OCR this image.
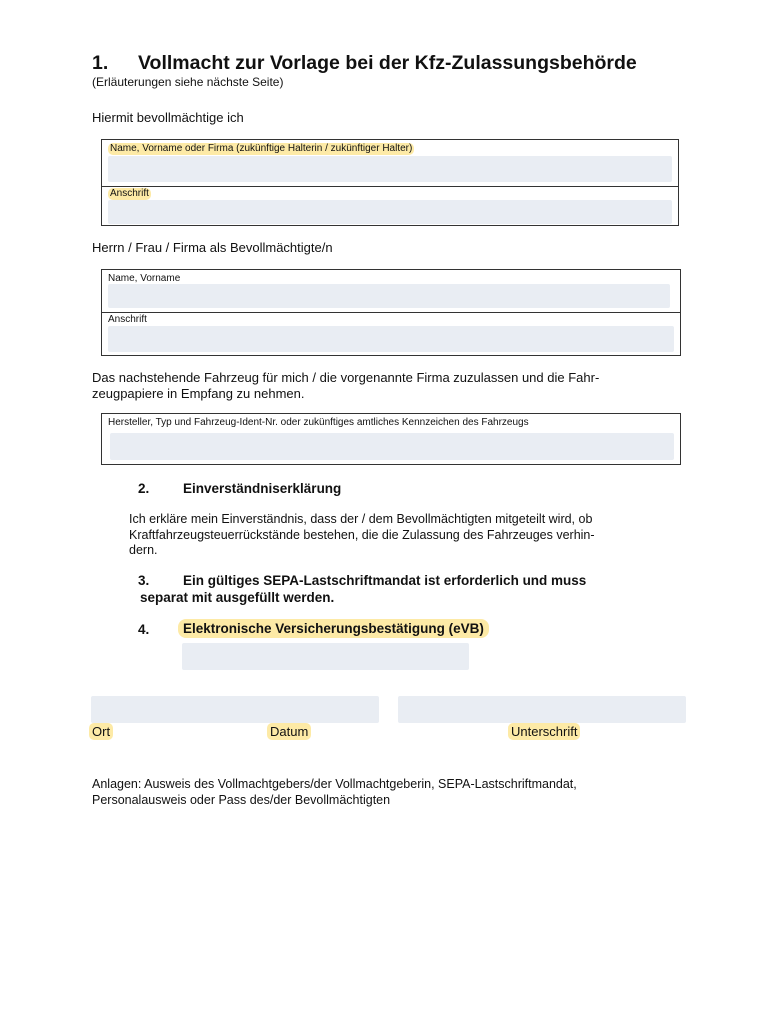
1. Vollmacht zur Vorlage bei der Kfz-Zulassungsbehörde
(Erläuterungen siehe nächste Seite)
Hiermit bevollmächtige ich
Name, Vorname oder Firma (zukünftige Halterin / zukünftiger Halter)
Anschrift
Herrn / Frau / Firma als Bevollmächtigte/n
Name, Vorname
Anschrift
Das nachstehende Fahrzeug für mich / die vorgenannte Firma zuzulassen und die Fahr-
zeugpapiere in Empfang zu nehmen.
Hersteller, Typ und Fahrzeug-Ident-Nr. oder zukünftiges amtliches Kennzeichen des Fahrzeugs
2. Einverständniserklärung
Ich erkläre mein Einverständnis, dass der / dem Bevollmächtigten mitgeteilt wird, ob
Kraftfahrzeugsteuerrückstände bestehen, die die Zulassung des Fahrzeuges verhin-
dern.
3. Ein gültiges SEPA-Lastschriftmandat ist erforderlich und muss
separat mit ausgefüllt werden.
4.	Elektronische Versicherungsbestätigung (eVB)
Ort	Datum	Unterschrift
Anlagen: Ausweis des Vollmachtgebers/der Vollmachtgeberin, SEPA-Lastschriftmandat,
Personalausweis oder Pass des/der Bevollmächtigten
